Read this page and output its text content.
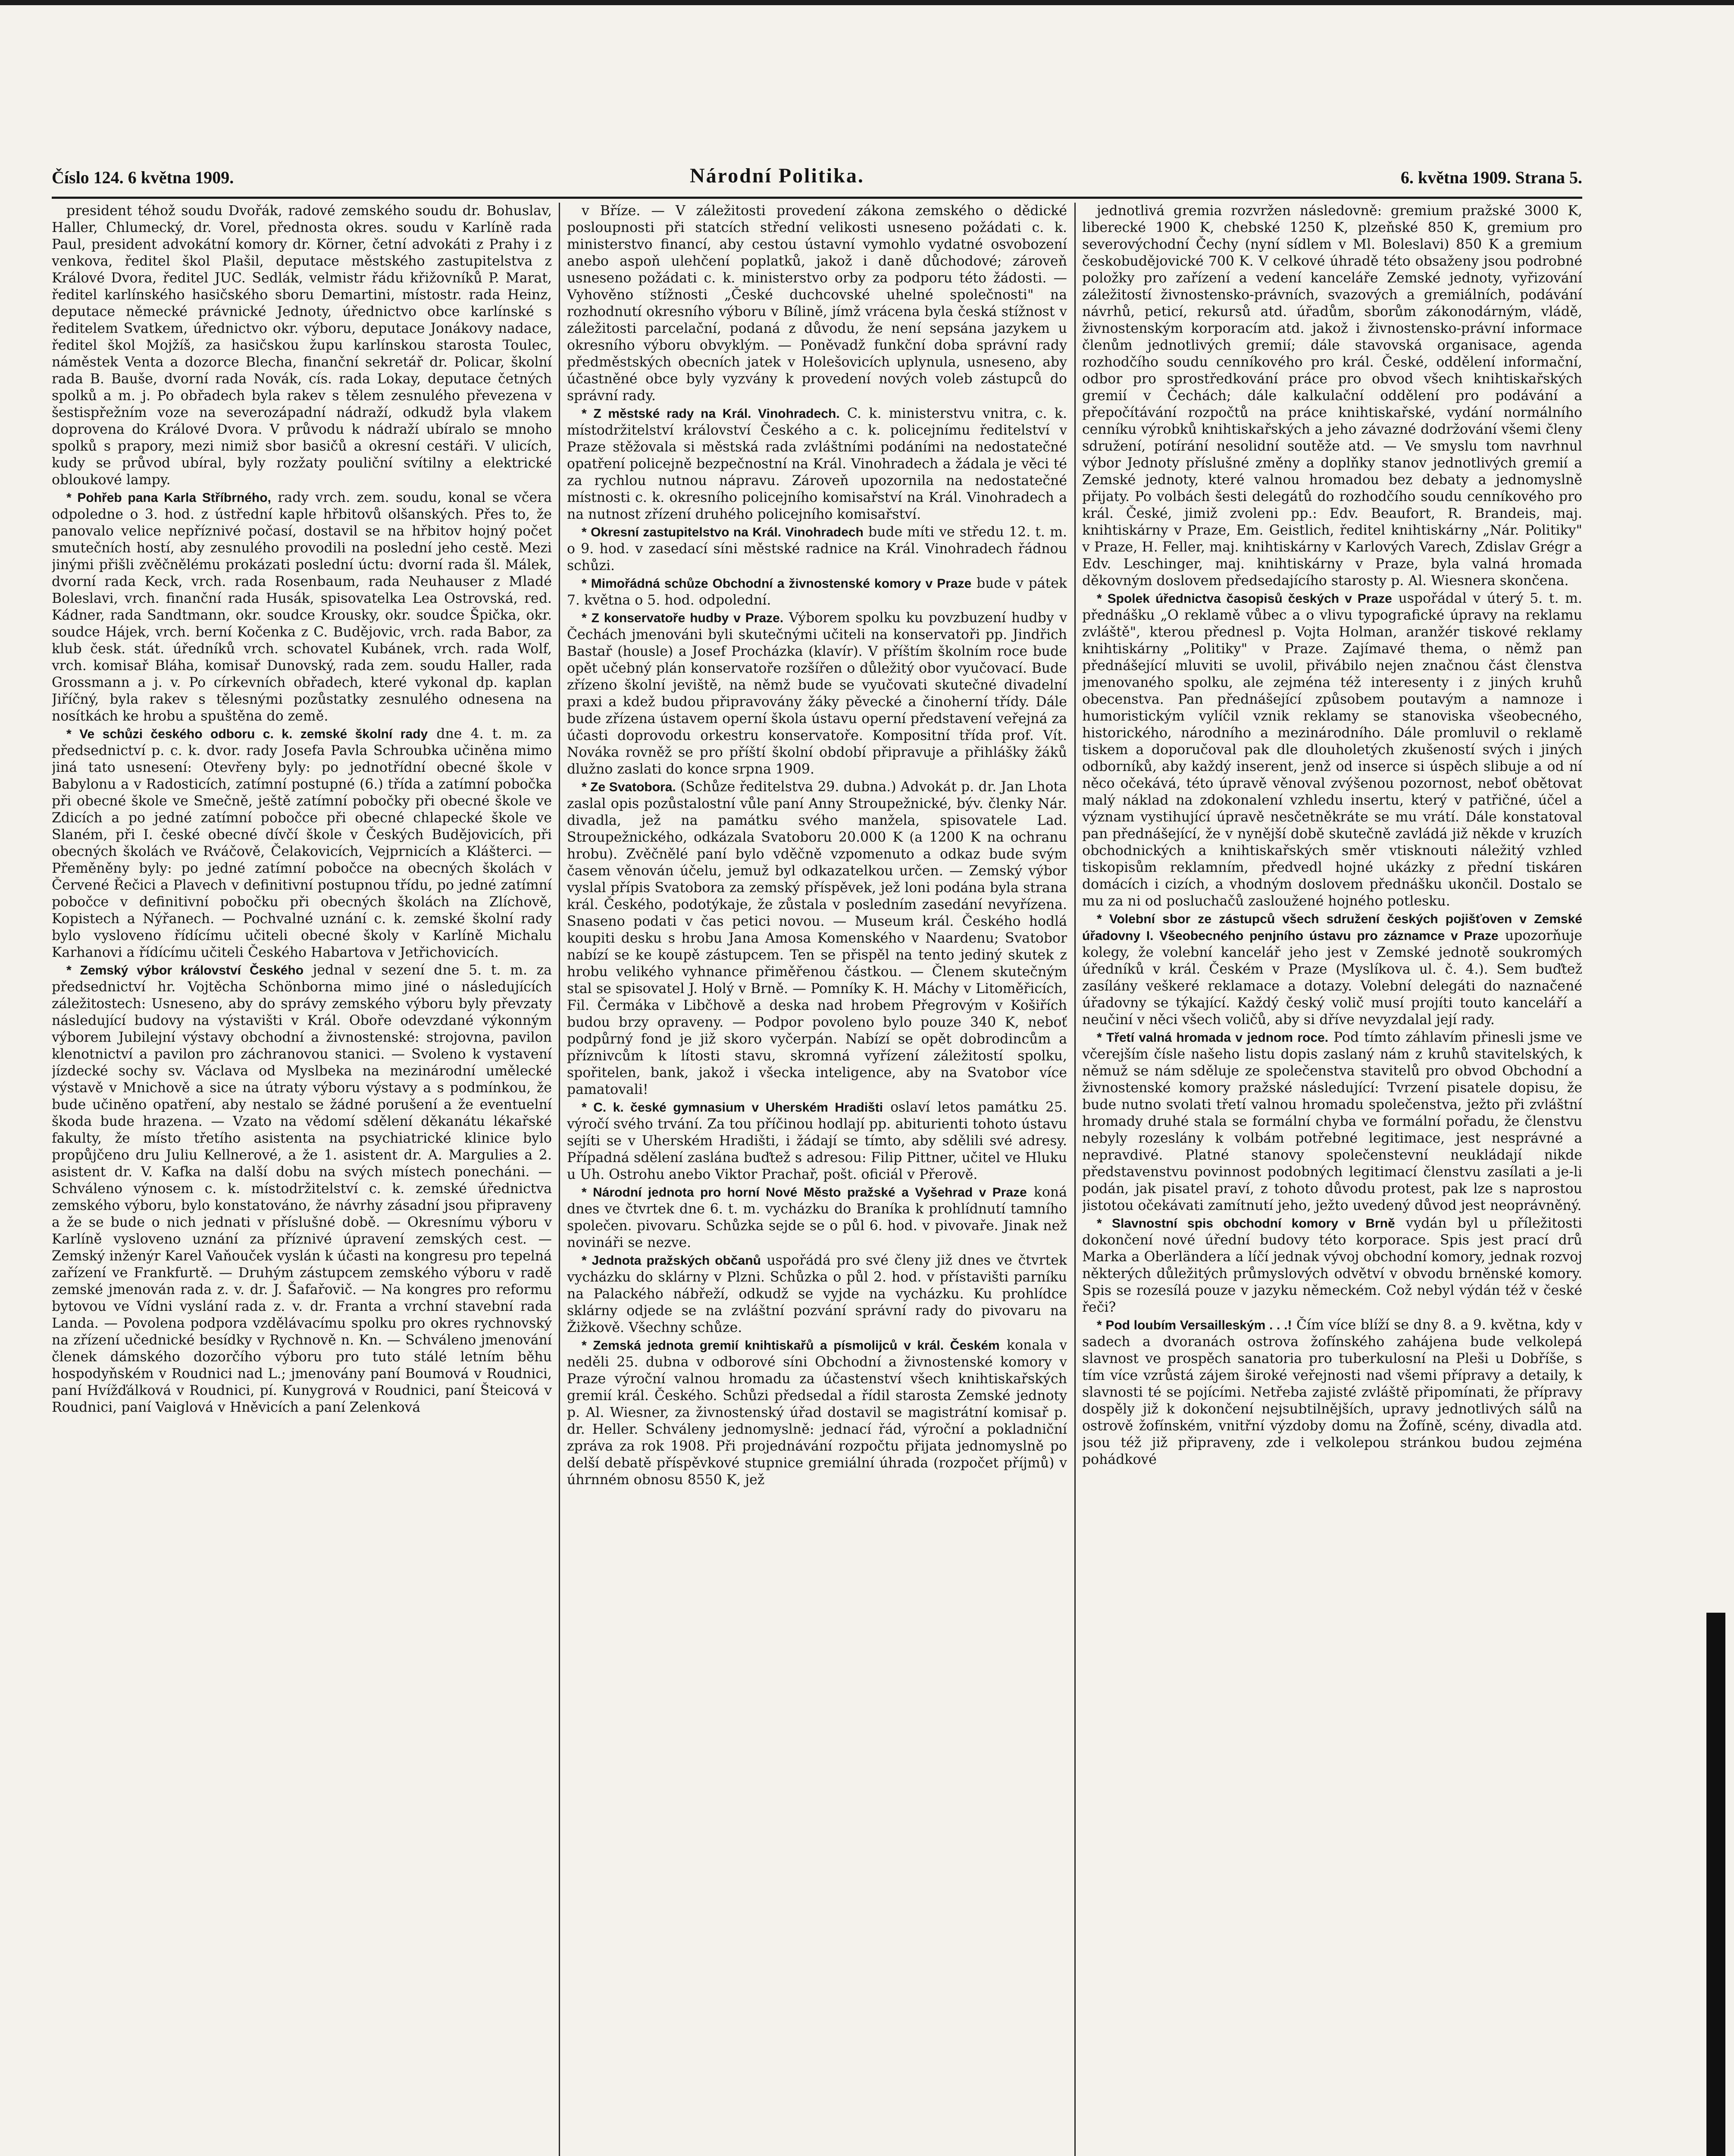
Číslo 124. 6 května 1909.	Národní Politika.	6. května 1909. Strana 5.

president téhož soudu Dvořák, radové zemského soudu dr. Bohuslav, Haller, Chlumecký, dr. Vorel, přednosta okres. soudu v Karlíně rada Paul, president advokátní komory dr. Körner, četní advokáti z Prahy i z venkova, ředitel škol Plašil, deputace městského zastupitelstva z Králové Dvora, ředitel JUC. Sedlák, velmistr řádu křižovníků P. Marat, ředitel karlínského hasičského sboru Demartini, místostr. rada Heinz, deputace německé právnické Jednoty, úřednictvo obce karlínské s ředitelem Svatkem, úřednictvo okr. výboru, deputace Jonákovy nadace, ředitel škol Mojžíš, za hasičskou župu karlínskou starosta Toulec, náměstek Venta a dozorce Blecha, finanční sekretář dr. Policar, školní rada B. Bauše, dvorní rada Novák, cís. rada Lokay, deputace četných spolků a m. j. Po obřadech byla rakev s tělem zesnulého převezena v šestispřežním voze na severozápadní nádraží, odkudž byla vlakem doprovena do Králové Dvora. V průvodu k nádraží ubíralo se mnoho spolků s prapory, mezi nimiž sbor basičů a okresní cestáři. V ulicích, kudy se průvod ubíral, byly rozžaty pouliční svítilny a elektrické obloukové lampy.

* Pohřeb pana Karla Stříbrného, rady vrch. zem. soudu, konal se včera odpoledne o 3. hod. z ústřední kaple hřbitovů olšanských. Přes to, že panovalo velice nepříznivé počasí, dostavil se na hřbitov hojný počet smutečních hostí, aby zesnulého provodili na poslední jeho cestě. Mezi jinými přišli zvěčnělému prokázati poslední úctu: dvorní rada šl. Málek, dvorní rada Keck, vrch. rada Rosenbaum, rada Neuhauser z Mladé Boleslavi, vrch. finanční rada Husák, spisovatelka Lea Ostrovská, red. Kádner, rada Sandtmann, okr. soudce Krousky, okr. soudce Špička, okr. soudce Hájek, vrch. berní Kočenka z C. Budějovic, vrch. rada Babor, za klub česk. stát. úředníků vrch. schovatel Kubánek, vrch. rada Wolf, vrch. komisař Bláha, komisař Dunovský, rada zem. soudu Haller, rada Grossmann a j. v. Po církevních obřadech, které vykonal dp. kaplan Jiříčný, byla rakev s tělesnými pozůstatky zesnulého odnesena na nosítkách ke hrobu a spuštěna do země.

* Ve schůzi českého odboru c. k. zemské školní rady dne 4. t. m. za předsednictví p. c. k. dvor. rady Josefa Pavla Schroubka učiněna mimo jiná tato usnesení: Otevřeny byly: po jednotřídní obecné škole v Babylonu a v Radosticích, zatímní postupné (6.) třída a zatímní pobočka při obecné škole ve Smečně, ještě zatímní pobočky při obecné škole ve Zdicích a po jedné zatímní pobočce při obecné chlapecké škole ve Slaném, při I. české obecné dívčí škole v Českých Budějovicích, při obecných školách ve Rváčově, Čelakovicích, Vejprnicích a Klášterci. — Přeměněny byly: po jedné zatímní pobočce na obecných školách v Červené Řečici a Plavech v definitivní postupnou třídu, po jedné zatímní pobočce v definitivní pobočku při obecných školách na Zlíchově, Kopistech a Nýřanech. — Pochvalné uznání c. k. zemské školní rady bylo vysloveno řídícímu učiteli obecné školy v Karlíně Michalu Karhanovi a řídícímu učiteli Českého Habartova v Jetřichovicích.

* Zemský výbor království Českého jednal v sezení dne 5. t. m. za předsednictví hr. Vojtěcha Schönborna mimo jiné o následujících záležitostech: Usneseno, aby do správy zemského výboru byly převzaty následující budovy na výstavišti v Král. Oboře odevzdané výkonným výborem Jubilejní výstavy obchodní a živnostenské: strojovna, pavilon klenotnictví a pavilon pro záchranovou stanici. — Svoleno k vystavení jízdecké sochy sv. Václava od Myslbeka na mezinárodní umělecké výstavě v Mnichově a sice na útraty výboru výstavy a s podmínkou, že bude učiněno opatření, aby nestalo se žádné porušení a že eventuelní škoda bude hrazena. — Vzato na vědomí sdělení děkanátu lékařské fakulty, že místo třetího asistenta na psychiatrické klinice bylo propůjčeno dru Juliu Kellnerové, a že 1. asistent dr. A. Margulies a 2. asistent dr. V. Kafka na další dobu na svých místech ponecháni. — Schváleno výnosem c. k. místodržitelství c. k. zemské úřednictva zemského výboru, bylo konstatováno, že návrhy zásadní jsou připraveny a že se bude o nich jednati v příslušné době. — Okresnímu výboru v Karlíně vysloveno uznání za příznivé úpravení zemských cest. — Zemský inženýr Karel Vaňouček vyslán k účasti na kongresu pro tepelná zařízení ve Frankfurtě. — Druhým zástupcem zemského výboru v radě zemské jmenován rada z. v. dr. J. Šafařovič. — Na kongres pro reformu bytovou ve Vídni vyslání rada z. v. dr. Franta a vrchní stavební rada Landa. — Povolena podpora vzdělávacímu spolku pro okres rychnovský na zřízení učednické besídky v Rychnově n. Kn. — Schváleno jmenování členek dámského dozorčího výboru pro tuto stálé letním běhu hospodyňském v Roudnici nad L.; jmenovány paní Boumová v Roudnici, paní Hvížďálková v Roudnici, pí. Kunygrová v Roudnici, paní Šteicová v Roudnici, paní Vaiglová v Hněvicích a paní Zelenková

v Bříze. — V záležitosti provedení zákona zemského o dědické posloupnosti při statcích střední velikosti usneseno požádati c. k. ministerstvo financí, aby cestou ústavní vymohlo vydatné osvobození anebo aspoň ulehčení poplatků, jakož i daně důchodové; zároveň usneseno požádati c. k. ministerstvo orby za podporu této žádosti. — Vyhověno stížnosti „České duchcovské uhelné společnosti" na rozhodnutí okresního výboru v Bílině, jímž vrácena byla česká stížnost v záležitosti parcelační, podaná z důvodu, že není sepsána jazykem u okresního výboru obvyklým. — Poněvadž funkční doba správní rady předměstských obecních jatek v Holešovicích uplynula, usneseno, aby účastněné obce byly vyzvány k provedení nových voleb zástupců do správní rady.

* Z městské rady na Král. Vinohradech. C. k. ministerstvu vnitra, c. k. místodržitelství království Českého a c. k. policejnímu ředitelství v Praze stěžovala si městská rada zvláštními podáními na nedostatečné opatření policejně bezpečnostní na Král. Vinohradech a žádala je věci té za rychlou nutnou nápravu. Zároveň upozornila na nedostatečné místnosti c. k. okresního policejního komisařství na Král. Vinohradech a na nutnost zřízení druhého policejního komisařství.

* Okresní zastupitelstvo na Král. Vinohradech bude míti ve středu 12. t. m. o 9. hod. v zasedací síni městské radnice na Král. Vinohradech řádnou schůzi.

* Mimořádná schůze Obchodní a živnostenské komory v Praze bude v pátek 7. května o 5. hod. odpolední.

* Z konservatoře hudby v Praze. Výborem spolku ku povzbuzení hudby v Čechách jmenováni byli skutečnými učiteli na konservatoři pp. Jindřich Bastař (housle) a Josef Procházka (klavír). V příštím školním roce bude opět učebný plán konservatoře rozšířen o důležitý obor vyučovací. Bude zřízeno školní jeviště, na němž bude se vyučovati skutečné divadelní praxi a kdež budou připravovány žáky pěvecké a činoherní třídy. Dále bude zřízena ústavem operní škola ústavu operní představení veřejná za účasti doprovodu orkestru konservatoře. Kompositní třída prof. Vít. Nováka rovněž se pro příští školní období připravuje a přihlášky žáků dlužno zaslati do konce srpna 1909.

* Ze Svatobora. (Schůze ředitelstva 29. dubna.) Advokát p. dr. Jan Lhota zaslal opis pozůstalostní vůle paní Anny Stroupežnické, býv. členky Nár. divadla, jež na památku svého manžela, spisovatele Lad. Stroupežnického, odkázala Svatoboru 20.000 K (a 1200 K na ochranu hrobu). Zvěčnělé paní bylo vděčně vzpomenuto a odkaz bude svým časem věnován účelu, jemuž byl odkazatelkou určen. — Zemský výbor vyslal přípis Svatobora za zemský příspěvek, jež loni podána byla strana král. Českého, podotýkaje, že zůstala v posledním zasedání nevyřízena. Snaseno podati v čas petici novou. — Museum král. Českého hodlá koupiti desku s hrobu Jana Amosa Komenského v Naardenu; Svatobor nabízí se ke koupě zástupcem. Ten se přispěl na tento jediný skutek z hrobu velikého vyhnance přiměřenou částkou. — Členem skutečným stal se spisovatel J. Holý v Brně. — Pomníky K. H. Máchy v Litoměřicích, Fil. Čermáka v Libčhově a deska nad hrobem Přegrovým v Košiřích budou brzy opraveny. — Podpor povoleno bylo pouze 340 K, neboť podpůrný fond je již skoro vyčerpán. Nabízí se opět dobrodincům a příznivcům k lítosti stavu, skromná vyřízení záležitostí spolku, spořitelen, bank, jakož i všecka inteligence, aby na Svatobor více pamatovali!

* C. k. české gymnasium v Uherském Hradišti oslaví letos památku 25. výročí svého trvání. Za tou příčinou hodlají pp. abiturienti tohoto ústavu sejíti se v Uherském Hradišti, i žádají se tímto, aby sdělili své adresy. Případná sdělení zaslána buďtež s adresou: Filip Pittner, učitel ve Hluku u Uh. Ostrohu anebo Viktor Prachař, pošt. oficiál v Přerově.

* Národní jednota pro horní Nové Město pražské a Vyšehrad v Praze koná dnes ve čtvrtek dne 6. t. m. vycházku do Braníka k prohlídnutí tamního společen. pivovaru. Schůzka sejde se o půl 6. hod. v pivovaře. Jinak než novináři se nezve.

* Jednota pražských občanů uspořádá pro své členy již dnes ve čtvrtek vycházku do sklárny v Plzni. Schůzka o půl 2. hod. v přístavišti parníku na Palackého nábřeží, odkudž se vyjde na vycházku. Ku prohlídce sklárny odjede se na zvláštní pozvání správní rady do pivovaru na Žižkově. Všechny schůze.

* Zemská jednota gremií knihtiskařů a písmolijců v král. Českém konala v neděli 25. dubna v odborové síni Obchodní a živnostenské komory v Praze výroční valnou hromadu za účastenství všech knihtiskařských gremií král. Českého. Schůzi předsedal a řídil starosta Zemské jednoty p. Al. Wiesner, za živnostenský úřad dostavil se magistrátní komisař p. dr. Heller. Schváleny jednomyslně: jednací řád, výroční a pokladniční zpráva za rok 1908. Při projednávání rozpočtu přijata jednomyslně po delší debatě příspěvkové stupnice gremiální úhrada (rozpočet příjmů) v úhrnném obnosu 8550 K, jež

jednotlivá gremia rozvržen následovně: gremium pražské 3000 K, liberecké 1900 K, chebské 1250 K, plzeňské 850 K, gremium pro severovýchodní Čechy (nyní sídlem v Ml. Boleslavi) 850 K a gremium českobudějovické 700 K. V celkové úhradě této obsaženy jsou podrobné položky pro zařízení a vedení kanceláře Zemské jednoty, vyřizování záležitostí živnostensko-právních, svazových a gremiálních, podávání návrhů, peticí, rekursů atd. úřadům, sborům zákonodárným, vládě, živnostenským korporacím atd. jakož i živnostensko-právní informace členům jednotlivých gremií; dále stavovská organisace, agenda rozhodčího soudu cenníkového pro král. České, oddělení informační, odbor pro sprostředkování práce pro obvod všech knihtiskařských gremií v Čechách; dále kalkulační oddělení pro podávání a přepočítávání rozpočtů na práce knihtiskařské, vydání normálního cenníku výrobků knihtiskařských a jeho závazné dodržování všemi členy sdružení, potírání nesolidní soutěže atd. — Ve smyslu tom navrhnul výbor Jednoty příslušné změny a doplňky stanov jednotlivých gremií a Zemské jednoty, které valnou hromadou bez debaty a jednomyslně přijaty. Po volbách šesti delegátů do rozhodčího soudu cenníkového pro král. České, jimiž zvoleni pp.: Edv. Beaufort, R. Brandeis, maj. knihtiskárny v Praze, Em. Geistlich, ředitel knihtiskárny „Nár. Politiky" v Praze, H. Feller, maj. knihtiskárny v Karlových Varech, Zdislav Grégr a Edv. Leschinger, maj. knihtiskárny v Praze, byla valná hromada děkovným doslovem předsedajícího starosty p. Al. Wiesnera skončena.

* Spolek úřednictva časopisů českých v Praze uspořádal v úterý 5. t. m. přednášku „O reklamě vůbec a o vlivu typografické úpravy na reklamu zvláště", kterou přednesl p. Vojta Holman, aranžér tiskové reklamy knihtiskárny „Politiky" v Praze. Zajímavé thema, o němž pan přednášející mluviti se uvolil, přivábilo nejen značnou část členstva jmenovaného spolku, ale zejména též interesenty i z jiných kruhů obecenstva. Pan přednášející způsobem poutavým a namnoze i humoristickým vylíčil vznik reklamy se stanoviska všeobecného, historického, národního a mezinárodního. Dále promluvil o reklamě tiskem a doporučoval pak dle dlouholetých zkušeností svých i jiných odborníků, aby každý inserent, jenž od inserce si úspěch slibuje a od ní něco očekává, této úpravě věnoval zvýšenou pozornost, neboť obětovat malý náklad na zdokonalení vzhledu insertu, který v patřičné, účel a význam vystihující úpravě nesčetněkráte se mu vrátí. Dále konstatoval pan přednášející, že v nynější době skutečně zavládá již někde v kruzích obchodnických a knihtiskařských směr vtisknouti náležitý vzhled tiskopisům reklamním, předvedl hojné ukázky z přední tiskáren domácích i cizích, a vhodným doslovem přednášku ukončil. Dostalo se mu za ni od posluchačů zasloužené hojného potlesku.

* Volební sbor ze zástupců všech sdružení českých pojišťoven v Zemské úřadovny I. Všeobecného penjního ústavu pro záznamce v Praze upozorňuje kolegy, že volební kancelář jeho jest v Zemské jednotě soukromých úředníků v král. Českém v Praze (Myslíkova ul. č. 4.). Sem buďtež zasílány veškeré reklamace a dotazy. Volební delegáti do naznačené úřadovny se týkající. Každý český volič musí projíti touto kanceláří a neučiní v něci všech voličů, aby si dříve nevyzdalal její rady.

* Třetí valná hromada v jednom roce. Pod tímto záhlavím přinesli jsme ve včerejším čísle našeho listu dopis zaslaný nám z kruhů stavitelských, k němuž se nám sděluje ze společenstva stavitelů pro obvod Obchodní a živnostenské komory pražské následující: Tvrzení pisatele dopisu, že bude nutno svolati třetí valnou hromadu společenstva, ježto při zvláštní hromady druhé stala se formální chyba ve formální pořadu, že členstvu nebyly rozeslány k volbám potřebné legitimace, jest nesprávné a nepravdivé. Platné stanovy společenstevní neukládají nikde představenstvu povinnost podobných legitimací členstvu zasílati a je-li podán, jak pisatel praví, z tohoto důvodu protest, pak lze s naprostou jistotou očekávati zamítnutí jeho, ježto uvedený důvod jest neoprávněný.

* Slavnostní spis obchodní komory v Brně vydán byl u příležitosti dokončení nové úřední budovy této korporace. Spis jest prací drů Marka a Oberländera a líčí jednak vývoj obchodní komory, jednak rozvoj některých důležitých průmyslových odvětví v obvodu brněnské komory. Spis se rozesílá pouze v jazyku německém. Což nebyl výdán též v české řeči?

* Pod loubím Versailleským . . .! Čím více blíží se dny 8. a 9. května, kdy v sadech a dvoranách ostrova žofínského zahájena bude velkolepá slavnost ve prospěch sanatoria pro tuberkulosní na Pleši u Dobříše, s tím více vzrůstá zájem široké veřejnosti nad všemi přípravy a detaily, k slavnosti té se pojícími. Netřeba zajisté zvláště připomínati, že přípravy dospěly již k dokončení nejsubtilnějších, upravy jednotlivých sálů na ostrově žofínském, vnitřní výzdoby domu na Žofíně, scény, divadla atd. jsou též již připraveny, zde i velkolepou stránkou budou zejména pohádkové
